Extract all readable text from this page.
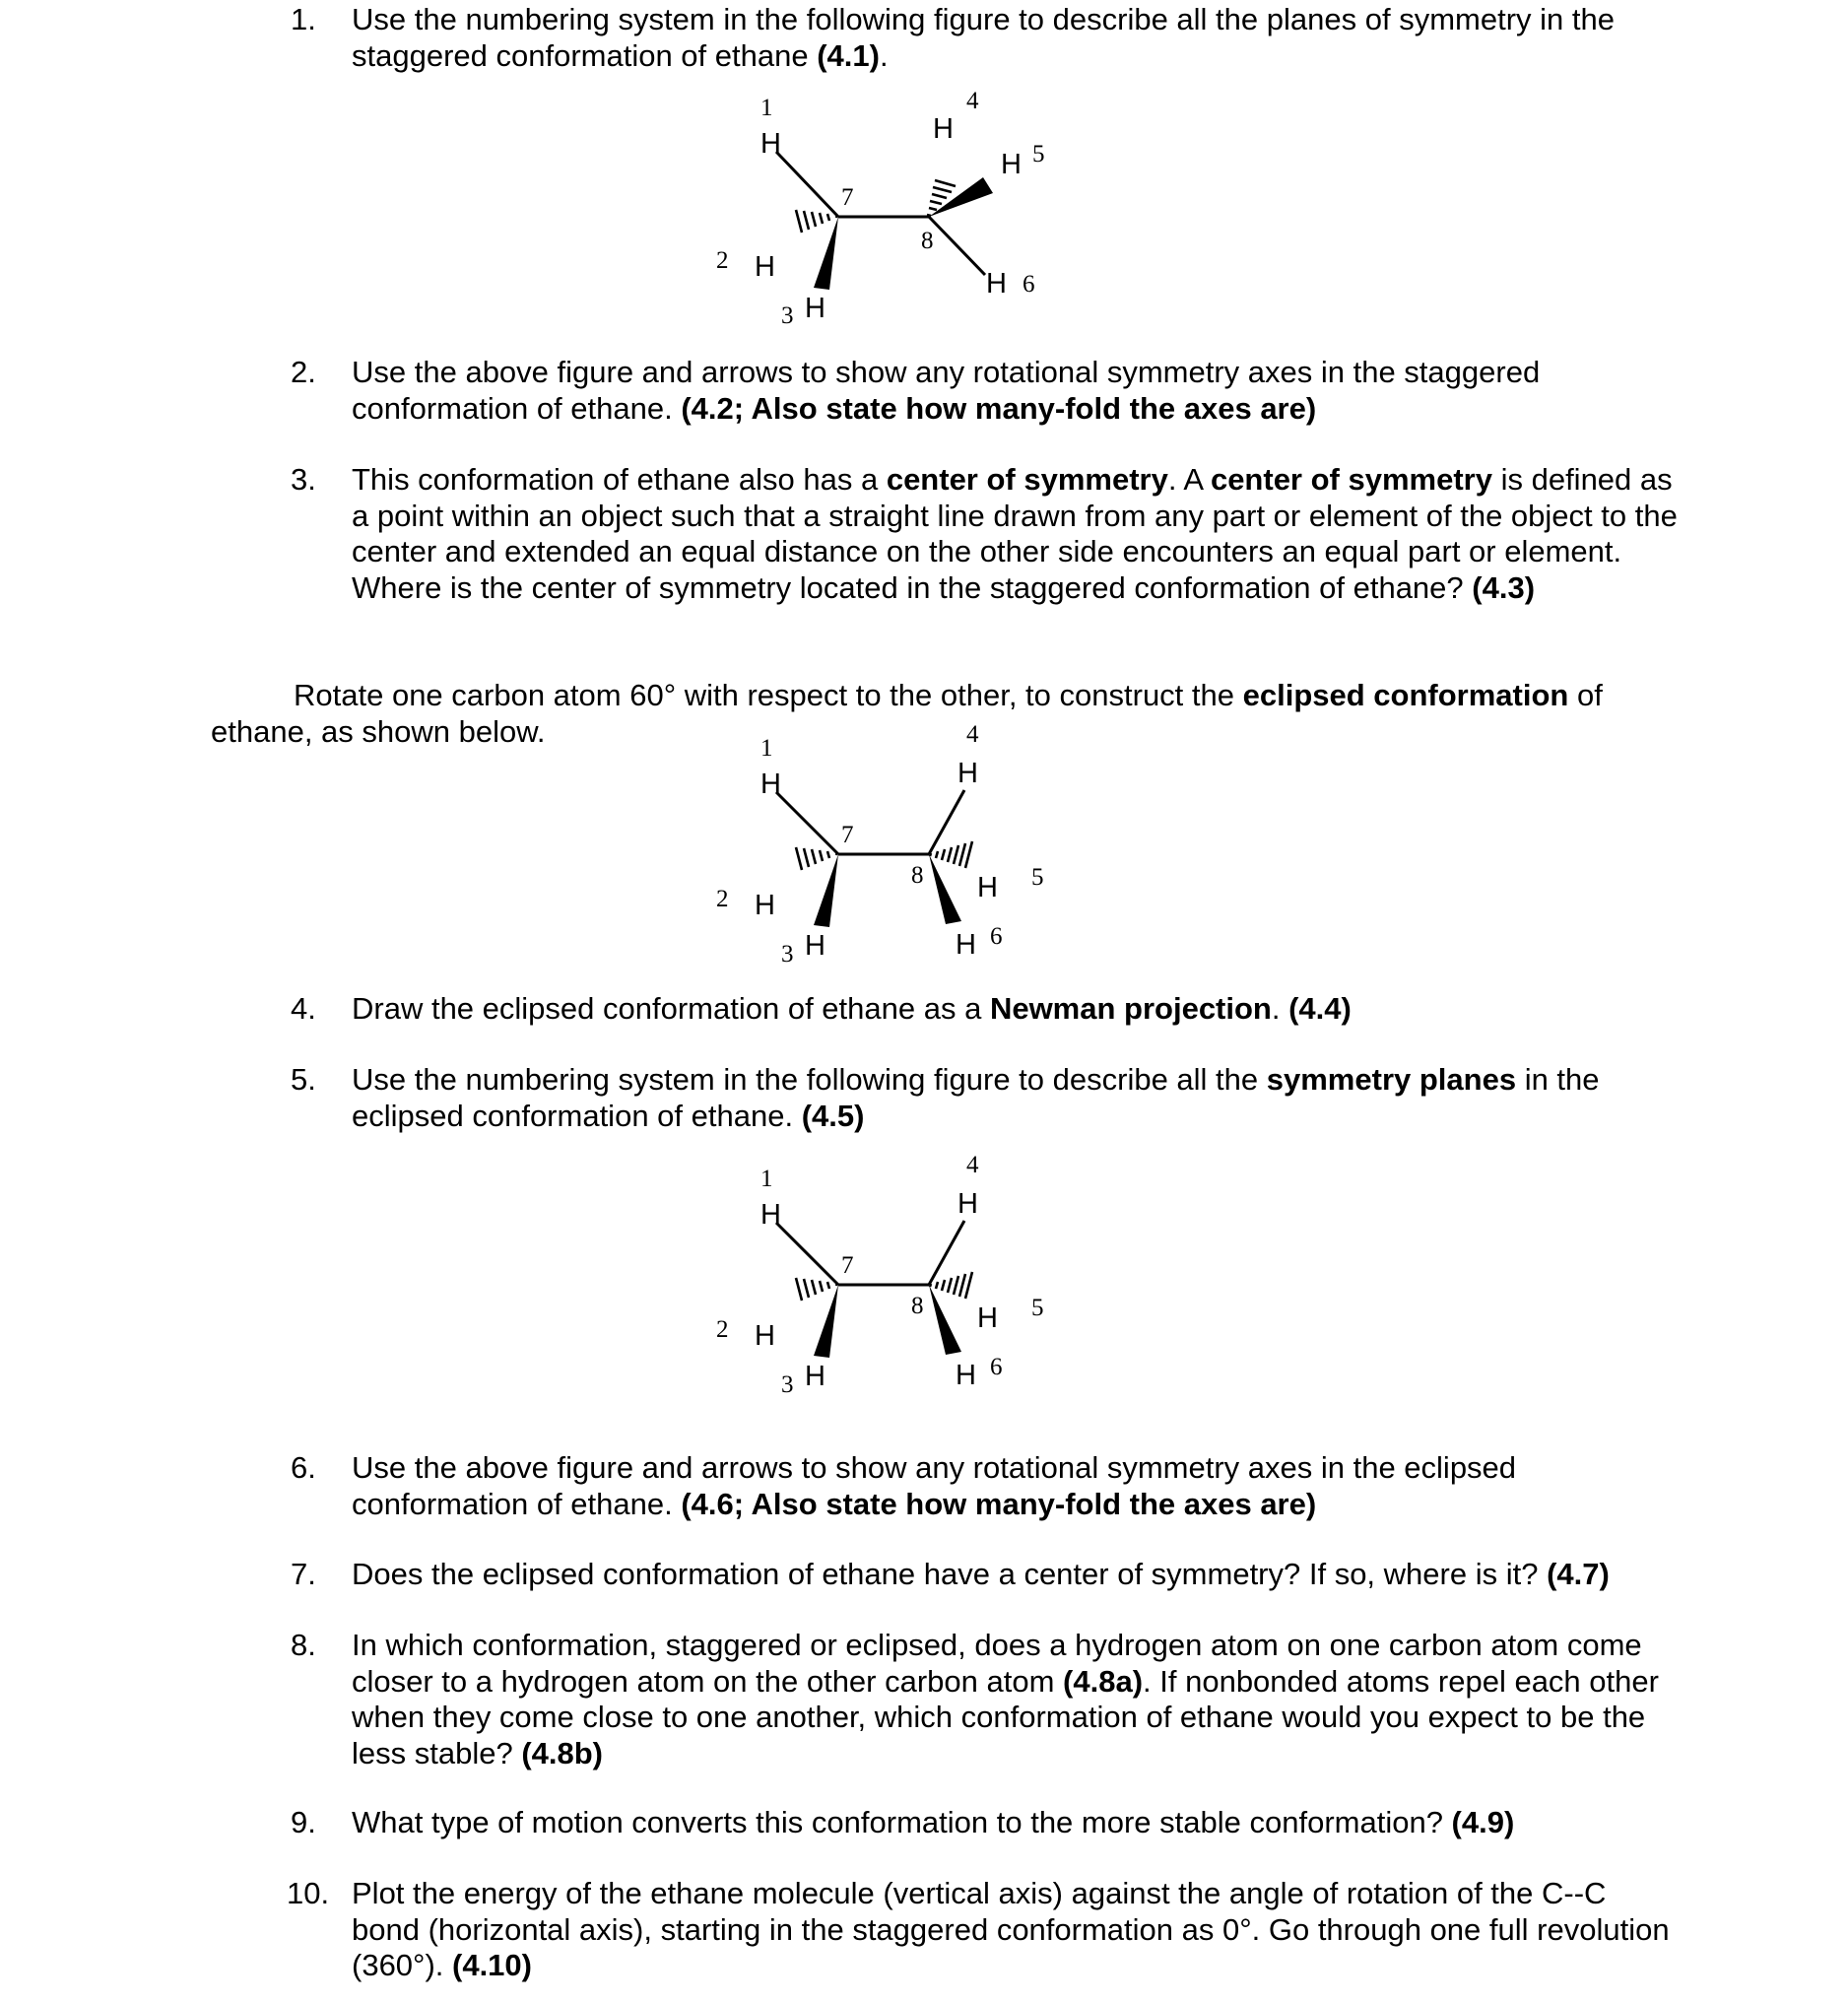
1. Use the numbering system in the following figure to describe all the planes of symmetry in the staggered conformation of ethane (4.1).
H
H
H
H
H
H
1
2
3
4
5
6
7
8
2. Use the above figure and arrows to show any rotational symmetry axes in the staggered conformation of ethane. (4.2; Also state how many-fold the axes are)
3. This conformation of ethane also has a center of symmetry. A center of symmetry is defined as a point within an object such that a straight line drawn from any part or element of the object to the center and extended an equal distance on the other side encounters an equal part or element. Where is the center of symmetry located in the staggered conformation of ethane? (4.3)
Rotate one carbon atom 60° with respect to the other, to construct the eclipsed conformation of ethane, as shown below.
H
H
H
H
H
H
1
2
3
4
5
6
7
8
4. Draw the eclipsed conformation of ethane as a Newman projection. (4.4)
5. Use the numbering system in the following figure to describe all the symmetry planes in the eclipsed conformation of ethane. (4.5)
H
H
H
H
H
H
1
2
3
4
5
6
7
8
6. Use the above figure and arrows to show any rotational symmetry axes in the eclipsed conformation of ethane. (4.6; Also state how many-fold the axes are)
7. Does the eclipsed conformation of ethane have a center of symmetry? If so, where is it? (4.7)
8. In which conformation, staggered or eclipsed, does a hydrogen atom on one carbon atom come closer to a hydrogen atom on the other carbon atom (4.8a). If nonbonded atoms repel each other when they come close to one another, which conformation of ethane would you expect to be the less stable? (4.8b)
9. What type of motion converts this conformation to the more stable conformation? (4.9)
10. Plot the energy of the ethane molecule (vertical axis) against the angle of rotation of the C--C bond (horizontal axis), starting in the staggered conformation as 0°. Go through one full revolution (360°). (4.10)
